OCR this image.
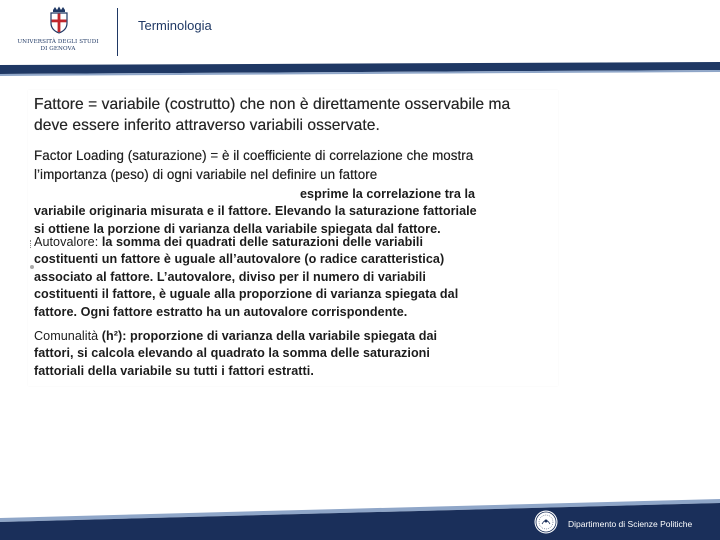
UNIVERSITÀ DEGLI STUDI
DI GENOVA
Terminologia
Fattore = variabile (costrutto) che non è direttamente osservabile ma
deve essere inferito attraverso variabili osservate.
Factor Loading (saturazione) = è il coefficiente di correlazione che mostra
l’importanza (peso) di ogni variabile nel definire un fattore
esprime la correlazione tra la
variabile originaria misurata e il fattore. Elevando la saturazione fattoriale
si ottiene la porzione di varianza della variabile spiegata dal fattore.
Autovalore: la somma dei quadrati delle saturazioni delle variabili
costituenti un fattore è uguale all’autovalore (o radice caratteristica)
associato al fattore. L’autovalore, diviso per il numero di variabili
costituenti il fattore, è uguale alla proporzione di varianza spiegata dal
fattore. Ogni fattore estratto ha un autovalore corrispondente.
Comunalità (h²): proporzione di varianza della variabile spiegata dai
fattori, si calcola elevando al quadrato la somma delle saturazioni
fattoriali della variabile su tutti i fattori estratti.
Dipartimento di Scienze Politiche
